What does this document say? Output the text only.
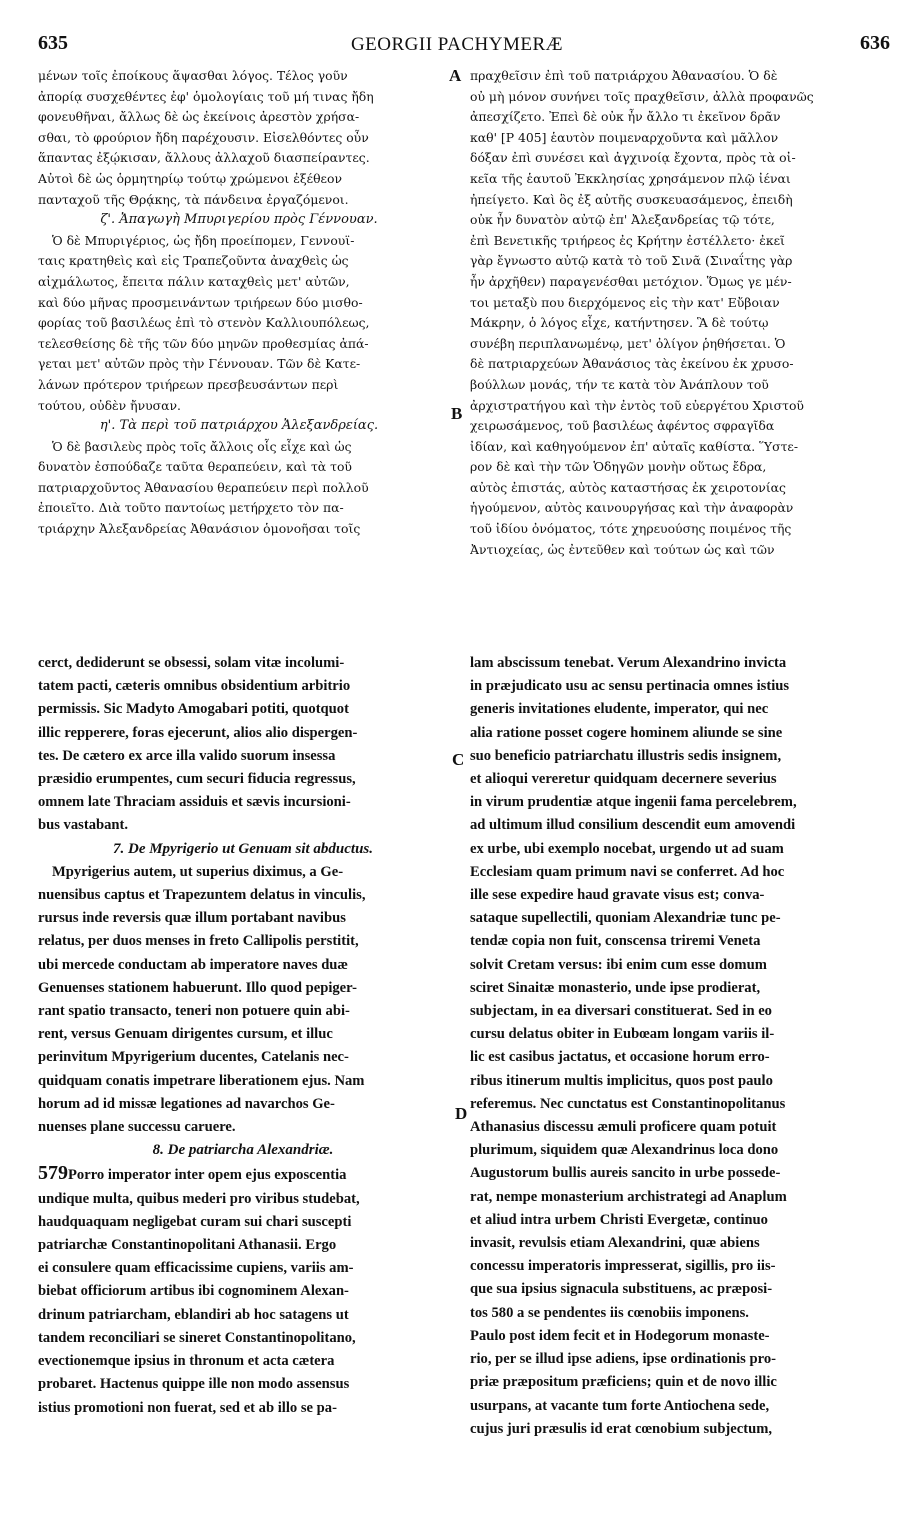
635	GEORGII PACHYMERÆ	636
A
B
C
D
μένων τοῖς ἐποίκους ἅψασθαι λόγος. Τέλος γοῦν
ἀπορίᾳ συσχεθέντες ἐφ' ὁμολογίαις τοῦ μή τινας ἤδη
φονευθῆναι, ἄλλως δὲ ὡς ἐκείνοις ἀρεστὸν χρήσα-
σθαι, τὸ φρούριον ἤδη παρέχουσιν. Εἰσελθόντες οὖν
ἅπαντας ἐξῴκισαν, ἄλλους ἀλλαχοῦ διασπείραντες.
Αὐτοὶ δὲ ὡς ὁρμητηρίῳ τούτῳ χρώμενοι ἐξέθεον
πανταχοῦ τῆς Θρᾴκης, τὰ πάνδεινα ἐργαζόμενοι.
ζ'. Ἀπαγωγὴ Μπυριγερίου πρὸς Γέννουαν.
Ὁ δὲ Μπυριγέριος, ὡς ἤδη προείπομεν, Γεννουϊ-
ταις κρατηθεὶς καὶ εἰς Τραπεζοῦντα ἀναχθεὶς ὡς
αἰχμάλωτος, ἔπειτα πάλιν καταχθεὶς μετ' αὐτῶν,
καὶ δύο μῆνας προσμεινάντων τριήρεων δύο μισθο-
φορίας τοῦ βασιλέως ἐπὶ τὸ στενὸν Καλλιουπόλεως,
τελεσθείσης δὲ τῆς τῶν δύο μηνῶν προθεσμίας ἀπά-
γεται μετ' αὐτῶν πρὸς τὴν Γέννουαν. Τῶν δὲ Κατε-
λάνων πρότερον τριήρεων πρεσβευσάντων περὶ
τούτου, οὐδὲν ἤνυσαν.
η'. Τὰ περὶ τοῦ πατριάρχου Ἀλεξανδρείας.
Ὁ δὲ βασιλεὺς πρὸς τοῖς ἄλλοις οἷς εἶχε καὶ ὡς
δυνατὸν ἐσπούδαζε ταῦτα θεραπεύειν, καὶ τὰ τοῦ
πατριαρχοῦντος Ἀθανασίου θεραπεύειν περὶ πολλοῦ
ἐποιεῖτο. Διὰ τοῦτο παντοίως μετήρχετο τὸν πα-
τριάρχην Ἀλεξανδρείας Ἀθανάσιον ὁμονοῆσαι τοῖς
πραχθεῖσιν ἐπὶ τοῦ πατριάρχου Ἀθανασίου. Ὁ δὲ
οὐ μὴ μόνον συνήνει τοῖς πραχθεῖσιν, ἀλλὰ προφανῶς
ἀπεσχίζετο. Ἐπεὶ δὲ οὐκ ἦν ἄλλο τι ἐκεῖνον δρᾶν
καθ' [P 405] ἑαυτὸν ποιμεναρχοῦντα καὶ μᾶλλον
δόξαν ἐπὶ συνέσει καὶ ἀγχινοίᾳ ἔχοντα, πρὸς τὰ οἰ-
κεῖα τῆς ἑαυτοῦ Ἐκκλησίας χρησάμενον πλῷ ἰέναι
ἠπείγετο. Καὶ ὃς ἐξ αὐτῆς συσκευασάμενος, ἐπειδὴ
οὐκ ἦν δυνατὸν αὐτῷ ἐπ' Ἀλεξανδρείας τῷ τότε,
ἐπὶ Βενετικῆς τριήρεος ἐς Κρήτην ἐστέλλετο· ἐκεῖ
γὰρ ἔγνωστο αὐτῷ κατὰ τὸ τοῦ Σινᾶ (Σιναΐτης γὰρ
ἦν ἀρχῆθεν) παραγενέσθαι μετόχιον. Ὅμως γε μέν-
τοι μεταξὺ που διερχόμενος εἰς τὴν κατ' Εὔβοιαν
Μάκρην, ὁ λόγος εἶχε, κατήντησεν. Ἃ δὲ τούτῳ
συνέβη περιπλανωμένῳ, μετ' ὀλίγον ῥηθήσεται. Ὁ
δὲ πατριαρχεύων Ἀθανάσιος τὰς ἐκείνου ἐκ χρυσο-
βούλλων μονάς, τήν τε κατὰ τὸν Ἀνάπλουν τοῦ
ἀρχιστρατήγου καὶ τὴν ἐντὸς τοῦ εὐεργέτου Χριστοῦ
χειρωσάμενος, τοῦ βασιλέως ἀφέντος σφραγῖδα
ἰδίαν, καὶ καθηγούμενον ἐπ' αὐταῖς καθίστα. Ὕστε-
ρον δὲ καὶ τὴν τῶν Ὁδηγῶν μονὴν οὕτως ἔδρα,
αὐτὸς ἐπιστάς, αὐτὸς καταστήσας ἐκ χειροτονίας
ἡγούμενον, αὐτὸς καινουργήσας καὶ τὴν ἀναφορὰν
τοῦ ἰδίου ὀνόματος, τότε χηρευούσης ποιμένος τῆς
Ἀντιοχείας, ὡς ἐντεῦθεν καὶ τούτων ὡς καὶ τῶν
cerct, dediderunt se obsessi, solam vitæ incolumi-
tatem pacti, cæteris omnibus obsidentium arbitrio
permissis. Sic Madyto Amogabari potiti, quotquot
illic repperere, foras ejecerunt, alios alio dispergen-
tes. De cætero ex arce illa valido suorum insessa
præsidio erumpentes, cum securi fiducia regressus,
omnem late Thraciam assiduis et sævis incursioni-
bus vastabant.
7. De Mpyrigerio ut Genuam sit abductus.
Mpyrigerius autem, ut superius diximus, a Ge-
nuensibus captus et Trapezuntem delatus in vinculis,
rursus inde reversis quæ illum portabant navibus
relatus, per duos menses in freto Callipolis perstitit,
ubi mercede conductam ab imperatore naves duæ
Genuenses stationem habuerunt. Illo quod pepiger-
rant spatio transacto, teneri non potuere quin abi-
rent, versus Genuam dirigentes cursum, et illuc
perinvitum Mpyrigerium ducentes, Catelanis nec-
quidquam conatis impetrare liberationem ejus. Nam
horum ad id missæ legationes ad navarchos Ge-
nuenses plane successu caruere.
8. De patriarcha Alexandriæ.
579Porro imperator inter opem ejus exposcentia
undique multa, quibus mederi pro viribus studebat,
haudquaquam negligebat curam sui chari suscepti
patriarchæ Constantinopolitani Athanasii. Ergo
ei consulere quam efficacissime cupiens, variis am-
biebat officiorum artibus ibi cognominem Alexan-
drinum patriarcham, eblandiri ab hoc satagens ut
tandem reconciliari se sineret Constantinopolitano,
evectionemque ipsius in thronum et acta cætera
probaret. Hactenus quippe ille non modo assensus
istius promotioni non fuerat, sed et ab illo se pa-
lam abscissum tenebat. Verum Alexandrino invicta
in præjudicato usu ac sensu pertinacia omnes istius
generis invitationes eludente, imperator, qui nec
alia ratione posset cogere hominem aliunde se sine
suo beneficio patriarchatu illustris sedis insignem,
et alioqui vereretur quidquam decernere severius
in virum prudentiæ atque ingenii fama percelebrem,
ad ultimum illud consilium descendit eum amovendi
ex urbe, ubi exemplo nocebat, urgendo ut ad suam
Ecclesiam quam primum navi se conferret. Ad hoc
ille sese expedire haud gravate visus est; conva-
sataque supellectili, quoniam Alexandriæ tunc pe-
tendæ copia non fuit, conscensa triremi Veneta
solvit Cretam versus: ibi enim cum esse domum
sciret Sinaitæ monasterio, unde ipse prodierat,
subjectam, in ea diversari constituerat. Sed in eo
cursu delatus obiter in Eubœam longam variis il-
lic est casibus jactatus, et occasione horum erro-
ribus itinerum multis implicitus, quos post paulo
referemus. Nec cunctatus est Constantinopolitanus
Athanasius discessu æmuli proficere quam potuit
plurimum, siquidem quæ Alexandrinus loca dono
Augustorum bullis aureis sancito in urbe possede-
rat, nempe monasterium archistrategi ad Anaplum
et aliud intra urbem Christi Evergetæ, continuo
invasit, revulsis etiam Alexandrini, quæ abiens
concessu imperatoris impresserat, sigillis, pro iis-
que sua ipsius signacula substituens, ac præposi-
tos 580 a se pendentes iis cœnobiis imponens.
Paulo post idem fecit et in Hodegorum monaste-
rio, per se illud ipse adiens, ipse ordinationis pro-
priæ præpositum præficiens; quin et de novo illic
usurpans, at vacante tum forte Antiochena sede,
cujus juri præsulis id erat cœnobium subjectum,
